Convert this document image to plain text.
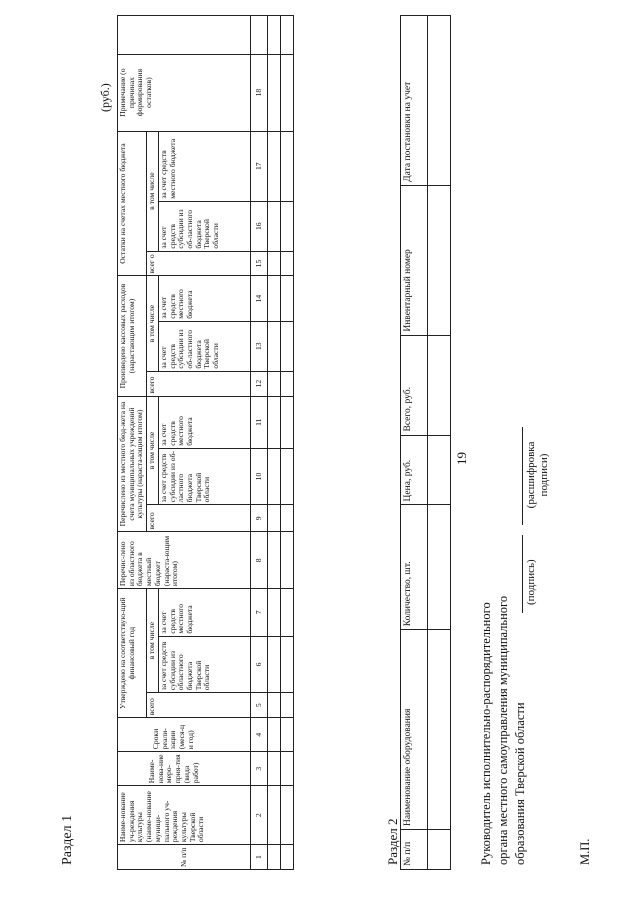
19
Раздел 1
(руб.)
№ п/п	Наиме-нование уч-реждения культуры (наиме-нование муници-пального уч-реждения культуры Тверской области	Наиме-нова-ние меро-прия-тия (вида работ)	Сроки реали-зации (меся-ц и год)	Утверждено на соответствую-щий финансовый год			Перечис-лено из областного бюджета в местный бюджет (нараста-ющим итогом)	Перечислено из местного бюд-жета на счета муниципальных учреждений культуры (нараста-ющим итогом)			Произведено кассовых расходов (нарастающим итогом)			Остатки на счетах местного бюджета			Примечание (о причинах формирования остатков)	
				всего	в том числе			всего	в том числе		всего	в том числе		всег о	в том числе			
					за счет средств субсидии из областного бюджета Тверской области	за счет средств местного бюджета			за счет средств субсидии из об-ластного бюджета Тверской области	за счет средств местного бюджета		за счет средств субсидии из об-ластного бюджета Тверской области	за счет средств местного бюджета		за счет средств субсидии из об-ластного бюджета Тверской области	за счет средств местного бюджета		
1	2	3	4	5	6	7	8	9	10	11	12	13	14	15	16	17	18	

Раздел 2 № п/п	Наименование оборудования	Количество, шт.	Цена, руб.	Всего, руб.	Инвентарный номер	Дата постановки на учет

Руководитель исполнительно-распорядительного органа местного самоуправления муниципального образования Тверской области
(подпись)
(расшифровка подписи)
М.П.
